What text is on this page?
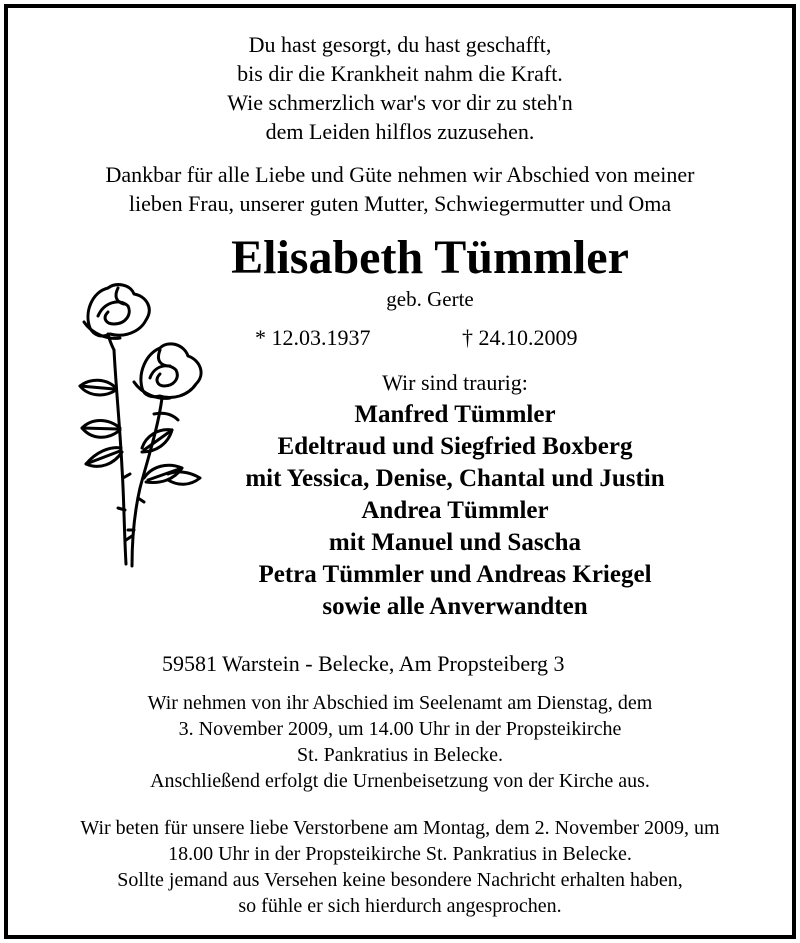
Du hast gesorgt, du hast geschafft,
bis dir die Krankheit nahm die Kraft.
Wie schmerzlich war's vor dir zu steh'n
dem Leiden hilflos zuzusehen.
Dankbar für alle Liebe und Güte nehmen wir Abschied von meiner
lieben Frau, unserer guten Mutter, Schwiegermutter und Oma
Elisabeth Tümmler
geb. Gerte
* 12.03.1937	† 24.10.2009
Wir sind traurig:
Manfred Tümmler
Edeltraud und Siegfried Boxberg
mit Yessica, Denise, Chantal und Justin
Andrea Tümmler
mit Manuel und Sascha
Petra Tümmler und Andreas Kriegel
sowie alle Anverwandten
59581 Warstein - Belecke, Am Propsteiberg 3
Wir nehmen von ihr Abschied im Seelenamt am Dienstag, dem
3. November 2009, um 14.00 Uhr in der Propsteikirche
St. Pankratius in Belecke.
Anschließend erfolgt die Urnenbeisetzung von der Kirche aus.
Wir beten für unsere liebe Verstorbene am Montag, dem 2. November 2009, um
18.00 Uhr in der Propsteikirche St. Pankratius in Belecke.
Sollte jemand aus Versehen keine besondere Nachricht erhalten haben,
so fühle er sich hierdurch angesprochen.
